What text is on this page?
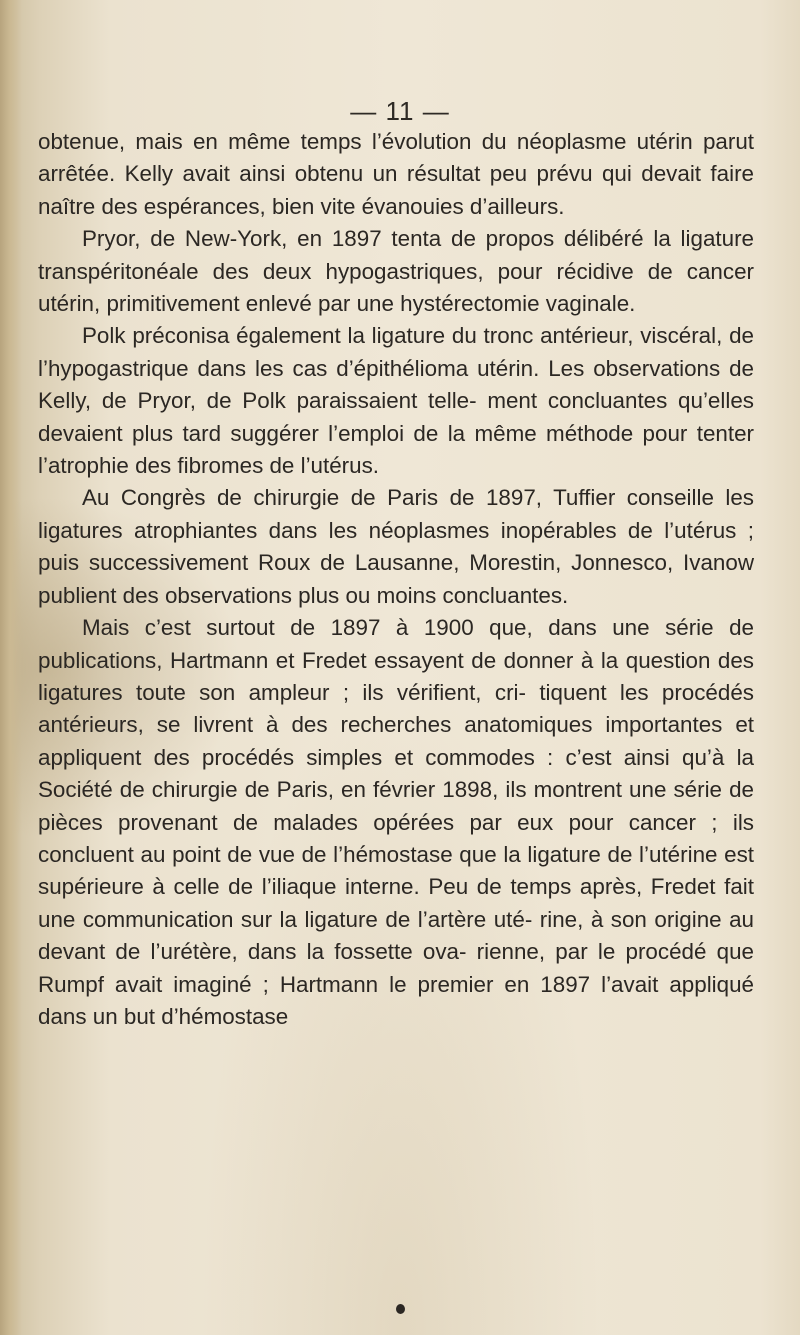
— 11 —

obtenue, mais en même temps l’évolution du néoplasme utérin parut arrêtée. Kelly avait ainsi obtenu un résultat peu prévu qui devait faire naître des espérances, bien vite évanouies d’ailleurs.

Pryor, de New-York, en 1897 tenta de propos délibéré la ligature transpéritonéale des deux hypogastriques, pour récidive de cancer utérin, primitivement enlevé par une hystérectomie vaginale.

Polk préconisa également la ligature du tronc antérieur, viscéral, de l’hypogastrique dans les cas d’épithélioma utérin. Les observations de Kelly, de Pryor, de Polk paraissaient telle- ment concluantes qu’elles devaient plus tard suggérer l’emploi de la même méthode pour tenter l’atrophie des fibromes de l’utérus.

Au Congrès de chirurgie de Paris de 1897, Tuffier conseille les ligatures atrophiantes dans les néoplasmes inopérables de l’utérus ; puis successivement Roux de Lausanne, Morestin, Jonnesco, Ivanow publient des observations plus ou moins concluantes.

Mais c’est surtout de 1897 à 1900 que, dans une série de publications, Hartmann et Fredet essayent de donner à la question des ligatures toute son ampleur ; ils vérifient, cri- tiquent les procédés antérieurs, se livrent à des recherches anatomiques importantes et appliquent des procédés simples et commodes : c’est ainsi qu’à la Société de chirurgie de Paris, en février 1898, ils montrent une série de pièces provenant de malades opérées par eux pour cancer ; ils concluent au point de vue de l’hémostase que la ligature de l’utérine est supérieure à celle de l’iliaque interne. Peu de temps après, Fredet fait une communication sur la ligature de l’artère uté- rine, à son origine au devant de l’urétère, dans la fossette ova- rienne, par le procédé que Rumpf avait imaginé ; Hartmann le premier en 1897 l’avait appliqué dans un but d’hémostase
